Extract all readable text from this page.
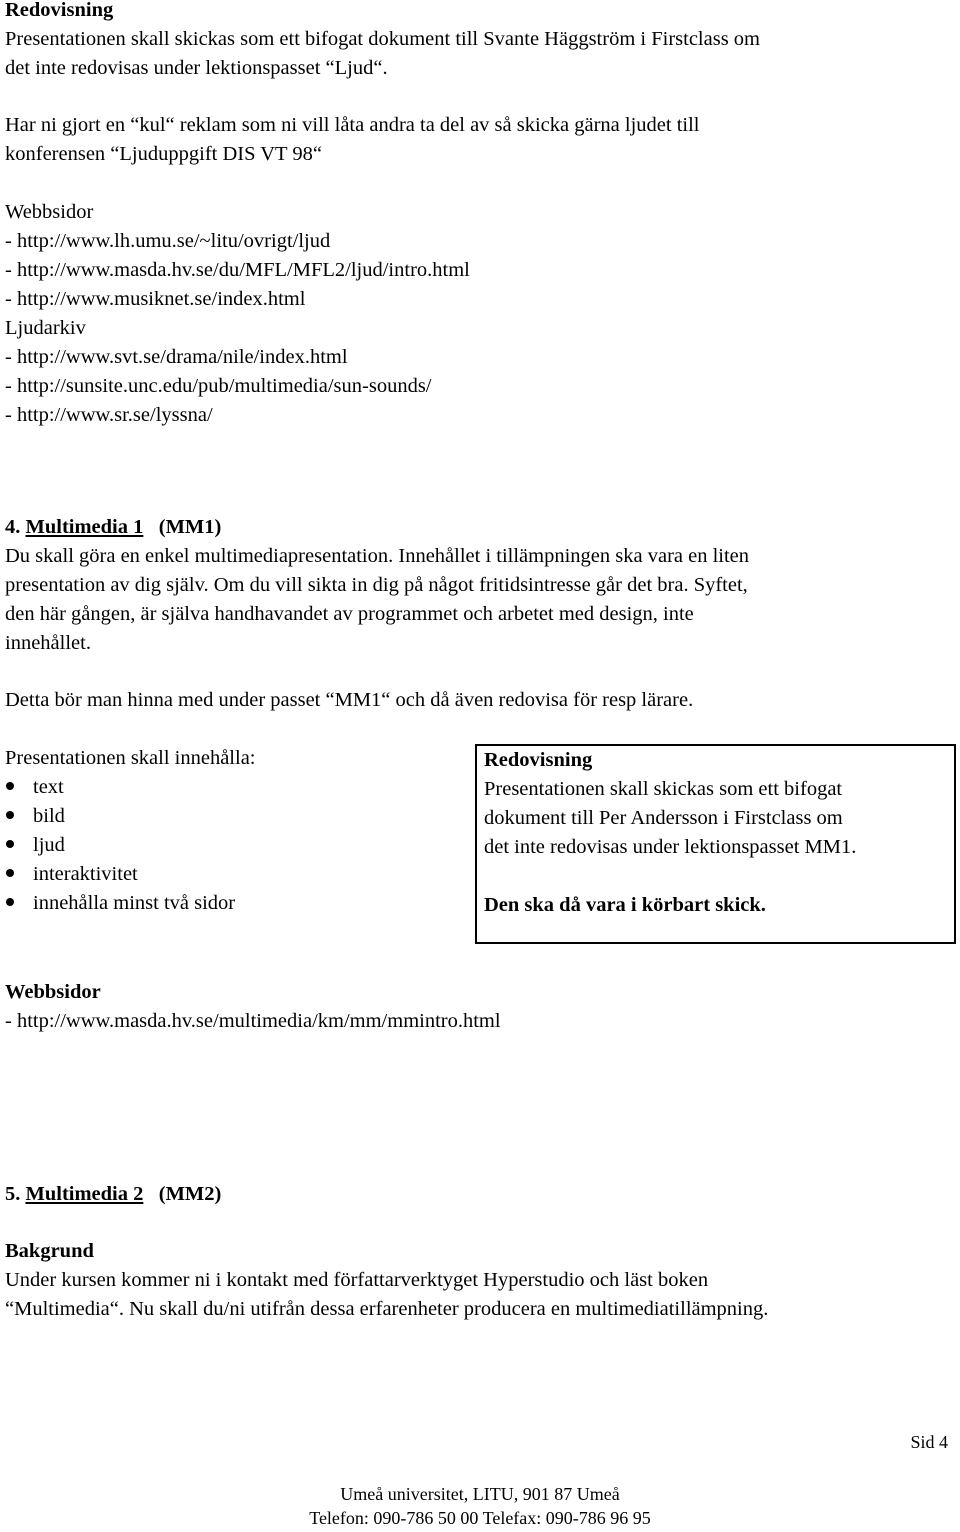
Redovisning
Presentationen skall skickas som ett bifogat dokument till Svante Häggström i Firstclass om
det inte redovisas under lektionspasset “Ljud“.
Har ni gjort en “kul“ reklam som ni vill låta andra ta del av så skicka gärna ljudet till
konferensen “Ljuduppgift DIS VT 98“
Webbsidor
- http://www.lh.umu.se/~litu/ovrigt/ljud
- http://www.masda.hv.se/du/MFL/MFL2/ljud/intro.html
- http://www.musiknet.se/index.html
Ljudarkiv
- http://www.svt.se/drama/nile/index.html
- http://sunsite.unc.edu/pub/multimedia/sun-sounds/
- http://www.sr.se/lyssna/
4. Multimedia 1 (MM1)
Du skall göra en enkel multimediapresentation. Innehållet i tillämpningen ska vara en liten
presentation av dig själv. Om du vill sikta in dig på något fritidsintresse går det bra. Syftet,
den här gången, är själva handhavandet av programmet och arbetet med design, inte
innehållet.
Detta bör man hinna med under passet “MM1“ och då även redovisa för resp lärare.
Presentationen skall innehålla:
text
bild
ljud
interaktivitet
innehålla minst två sidor
Redovisning
Presentationen skall skickas som ett bifogat
dokument till Per Andersson i Firstclass om
det inte redovisas under lektionspasset MM1.
Den ska då vara i körbart skick.
Webbsidor
- http://www.masda.hv.se/multimedia/km/mm/mmintro.html
5. Multimedia 2 (MM2)
Bakgrund
Under kursen kommer ni i kontakt med författarverktyget Hyperstudio och läst boken
“Multimedia“. Nu skall du/ni utifrån dessa erfarenheter producera en multimediatillämpning.
Sid 4
Umeå universitet, LITU, 901 87 Umeå
Telefon: 090-786 50 00 Telefax: 090-786 96 95
